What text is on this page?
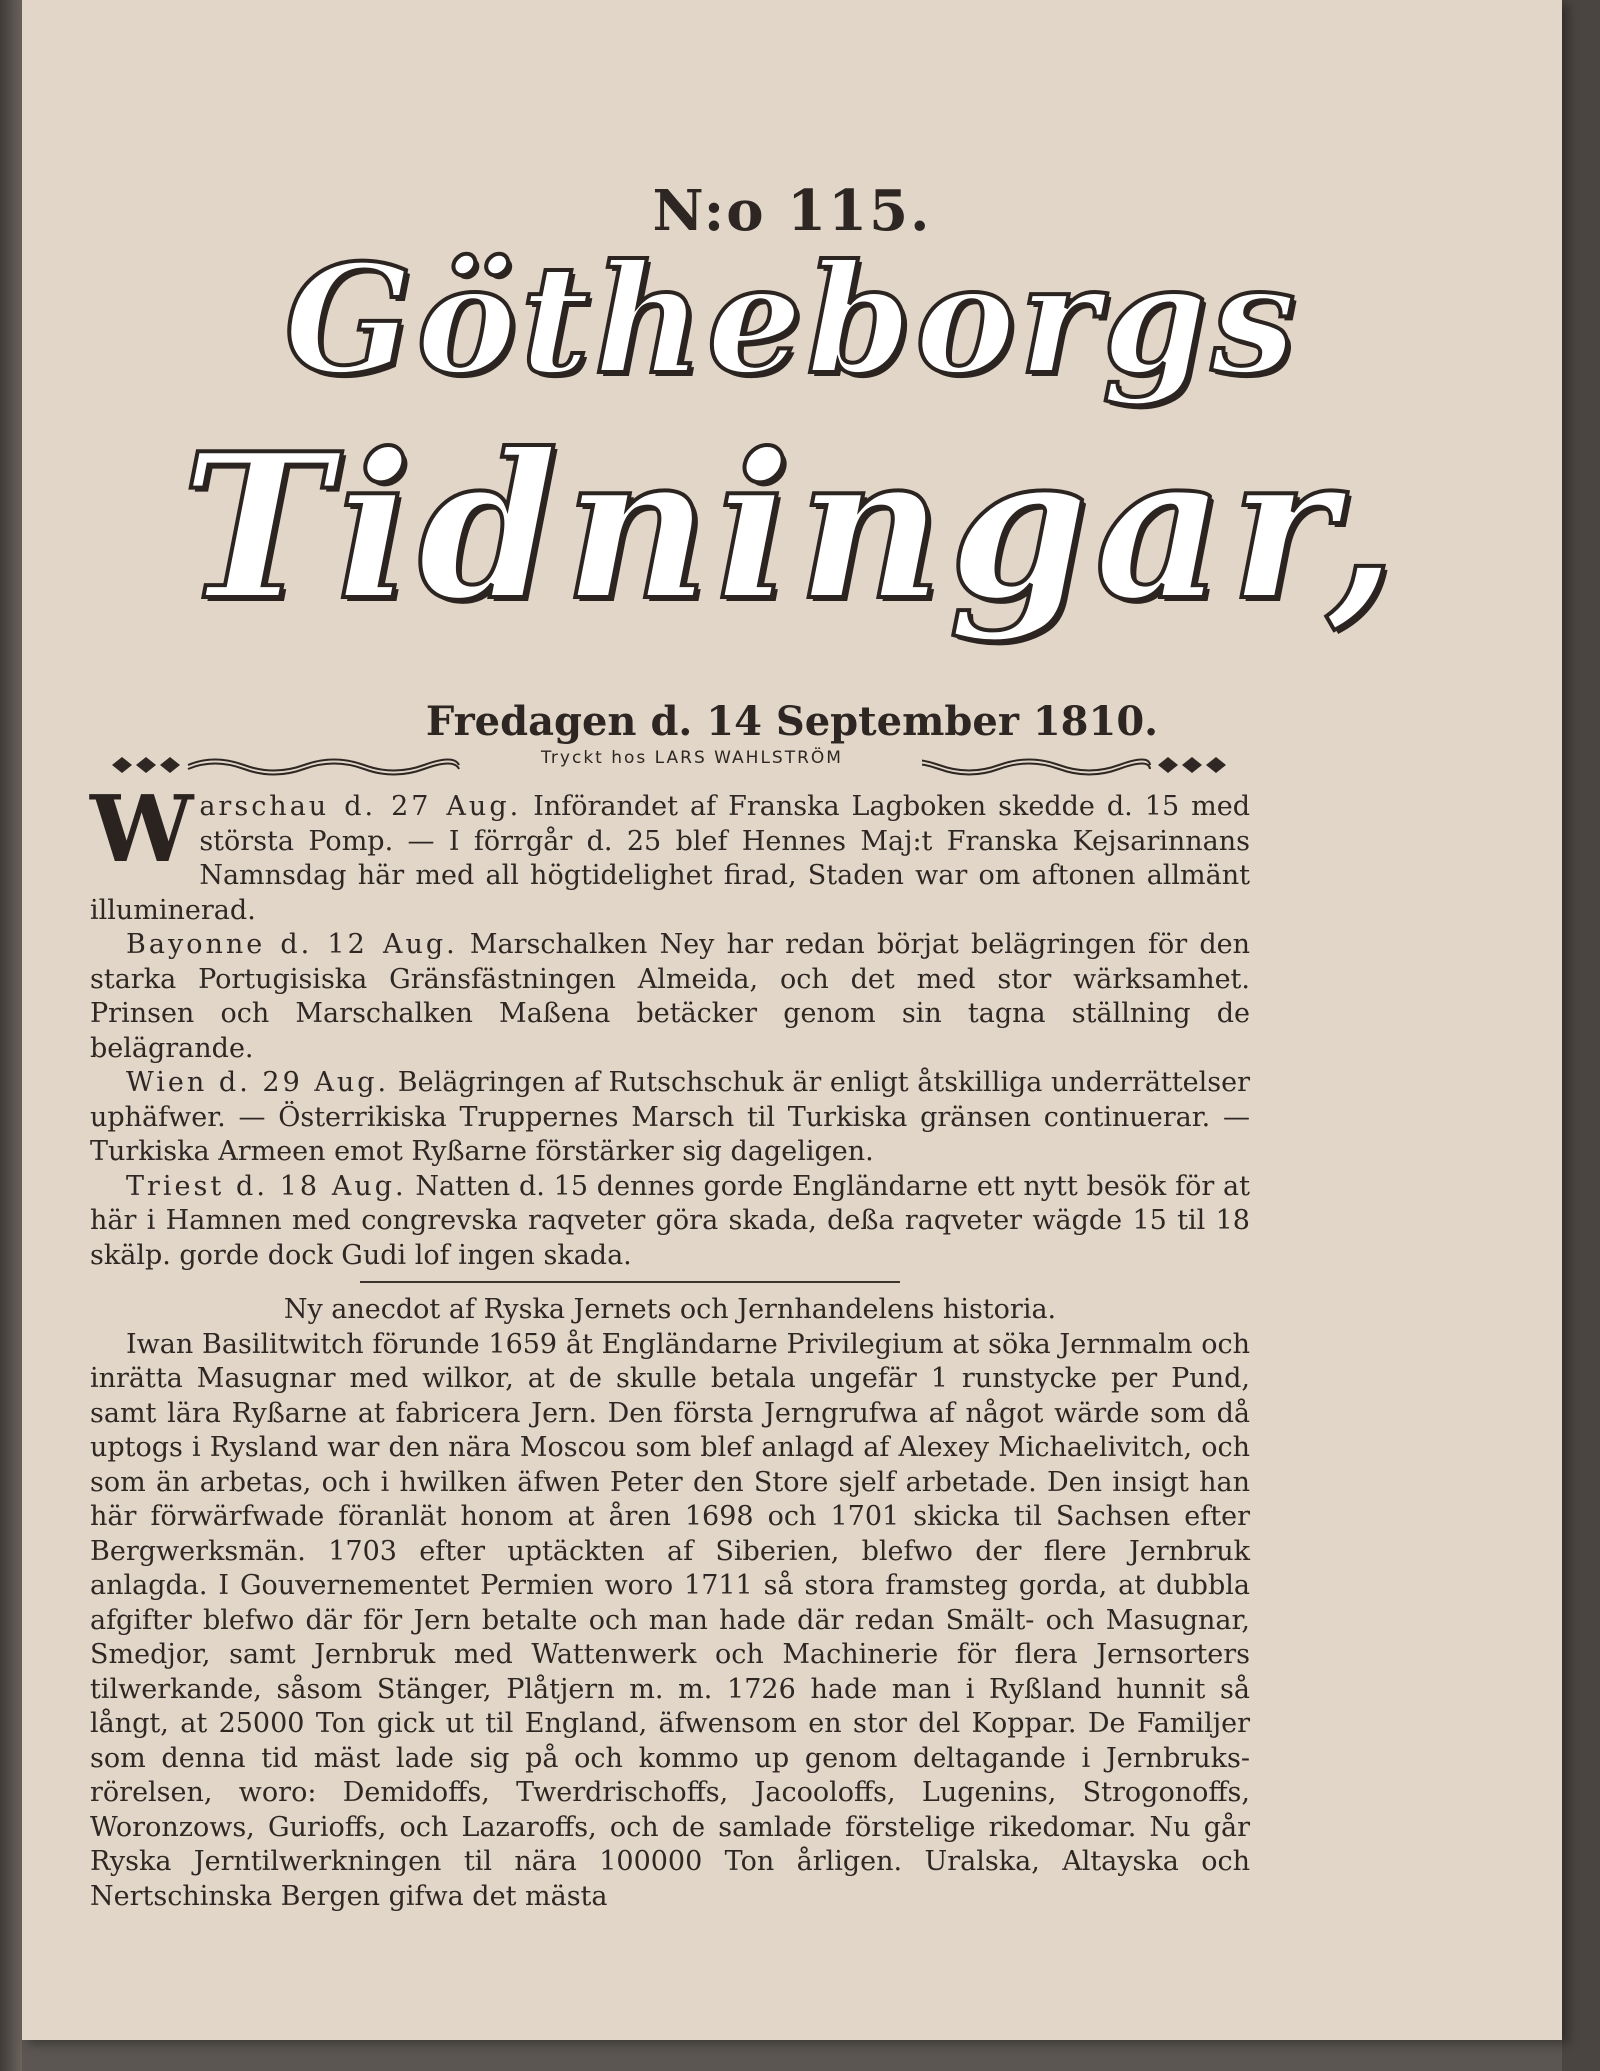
N:o 115.
Götheborgs
Tidningar,
Fredagen d. 14 September 1810.
Tryckt hos LARS WAHLSTRÖM

W arschau d. 27 Aug. Införandet af Franska Lagboken skedde d. 15 med största Pomp. — I förrgår d. 25 blef Hennes Maj:t Franska Kejsarinnans Namnsdag här med all högtidelighet firad, Staden war om aftonen allmänt illuminerad.

Bayonne d. 12 Aug. Marschalken Ney har redan börjat belägringen för den starka Portugisiska Gränsfästningen Almeida, och det med stor wärksamhet. Prinsen och Marschalken Maßena betäcker genom sin tagna ställning de belägrande.

Wien d. 29 Aug. Belägringen af Rutschschuk är enligt åtskilliga underrättelser uphäfwer. — Österrikiska Truppernes Marsch til Turkiska gränsen continuerar. — Turkiska Armeen emot Ryßarne förstärker sig dageligen.

Triest d. 18 Aug. Natten d. 15 dennes gorde Engländarne ett nytt besök för at här i Hamnen med congrevska raqveter göra skada, deßa raqveter wägde 15 til 18 skälp. gorde dock Gudi lof ingen skada.

Ny anecdot af Ryska Jernets och Jernhandelens historia.

Iwan Basilitwitch förunde 1659 åt Engländarne Privilegium at söka Jernmalm och inrätta Masugnar med wilkor, at de skulle betala ungefär 1 runstycke per Pund, samt lära Ryßarne at fabricera Jern. Den första Jerngrufwa af något wärde som då uptogs i Rysland war den nära Moscou som blef anlagd af Alexey Michaelivitch, och som än arbetas, och i hwilken äfwen Peter den Store sjelf arbetade. Den insigt han här förwärfwade föranlät honom at åren 1698 och 1701 skicka til Sachsen efter Bergwerksmän. 1703 efter uptäckten af Siberien, blefwo der flere Jernbruk anlagda. I Gouvernementet Permien woro 1711 så stora framsteg gorda, at dubbla afgifter blefwo där för Jern betalte och man hade där redan Smält- och Masugnar, Smedjor, samt Jernbruk med Wattenwerk och Machinerie för flera Jernsorters tilwerkande, såsom Stänger, Plåtjern m. m. 1726 hade man i Ryßland hunnit så långt, at 25000 Ton gick ut til England, äfwensom en stor del Koppar. De Familjer som denna tid mäst lade sig på och kommo up genom deltagande i Jernbruks-rörelsen, woro: Demidoffs, Twerdrischoffs, Jacooloffs, Lugenins, Strogonoffs, Woronzows, Gurioffs, och Lazaroffs, och de samlade förstelige rikedomar. Nu går Ryska Jerntilwerkningen til nära 100000 Ton årligen. Uralska, Altayska och Nertschinska Bergen gifwa det mästa
